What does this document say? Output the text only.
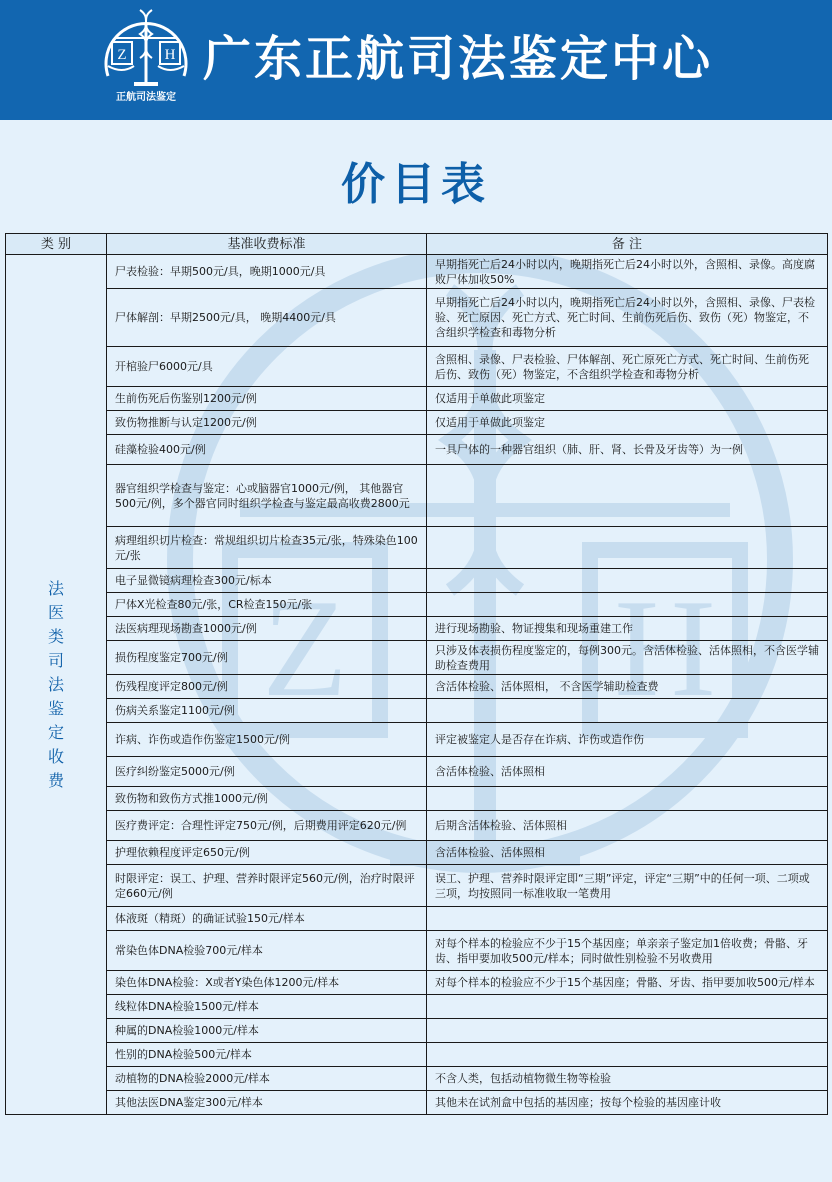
Z	H
正航司法鉴定
广东正航司法鉴定中心
价目表
Z H
类 别	基准收费标准	备 注

法医类司法鉴定收费	尸表检验：早期500元/具，晚期1000元/具	早期指死亡后24小时以内，晚期指死亡后24小时以外，含照相、录像。高度腐败尸体加收50%
	尸体解剖：早期2500元/具， 晚期4400元/具	早期指死亡后24小时以内，晚期指死亡后24小时以外，含照相、录像、尸表检验、死亡原因、死亡方式、死亡时间、生前伤死后伤、致伤（死）物鉴定，不含组织学检查和毒物分析
	开棺验尸6000元/具	含照相、录像、尸表检验、尸体解剖、死亡原死亡方式、死亡时间、生前伤死后伤、致伤（死）物鉴定，不含组织学检查和毒物分析
	生前伤死后伤鉴别1200元/例	仅适用于单做此项鉴定
	致伤物推断与认定1200元/例	仅适用于单做此项鉴定
	硅藻检验400元/例	一具尸体的一种器官组织（肺、肝、肾、长骨及牙齿等）为一例
	器官组织学检查与鉴定：心或脑器官1000元/例， 其他器官500元/例，多个器官同时组织学检查与鉴定最高收费2800元	
	病理组织切片检查：常规组织切片检查35元/张，特殊染色100元/张	
	电子显微镜病理检查300元/标本	
	尸体X光检查80元/张，CR检查150元/张	
	法医病理现场勘查1000元/例	进行现场勘验、物证搜集和现场重建工作
	损伤程度鉴定700元/例	只涉及体表损伤程度鉴定的，每例300元。含活体检验、活体照相，不含医学辅助检查费用
	伤残程度评定800元/例	含活体检验、活体照相， 不含医学辅助检查费
	伤病关系鉴定1100元/例	
	诈病、诈伤或造作伤鉴定1500元/例	评定被鉴定人是否存在诈病、诈伤或造作伤
	医疗纠纷鉴定5000元/例	含活体检验、活体照相
	致伤物和致伤方式推1000元/例	
	医疗费评定：合理性评定750元/例，后期费用评定620元/例	后期含活体检验、活体照相
	护理依赖程度评定650元/例	含活体检验、活体照相
	时限评定：误工、护理、营养时限评定560元/例，治疗时限评定660元/例	误工、护理、营养时限评定即“三期”评定，评定“三期”中的任何一项、二项或三项，均按照同一标准收取一笔费用
	体液斑（精斑）的确证试验150元/样本	
	常染色体DNA检验700元/样本	对每个样本的检验应不少于15个基因座；单亲亲子鉴定加1倍收费；骨骼、牙齿、指甲要加收500元/样本；同时做性别检验不另收费用
	染色体DNA检验：X或者Y染色体1200元/样本	对每个样本的检验应不少于15个基因座；骨骼、牙齿、指甲要加收500元/样本
	线粒体DNA检验1500元/样本	
	种属的DNA检验1000元/样本	
	性别的DNA检验500元/样本	
	动植物的DNA检验2000元/样本	不含人类，包括动植物微生物等检验
	其他法医DNA鉴定300元/样本	其他未在试剂盒中包括的基因座；按每个检验的基因座计收
